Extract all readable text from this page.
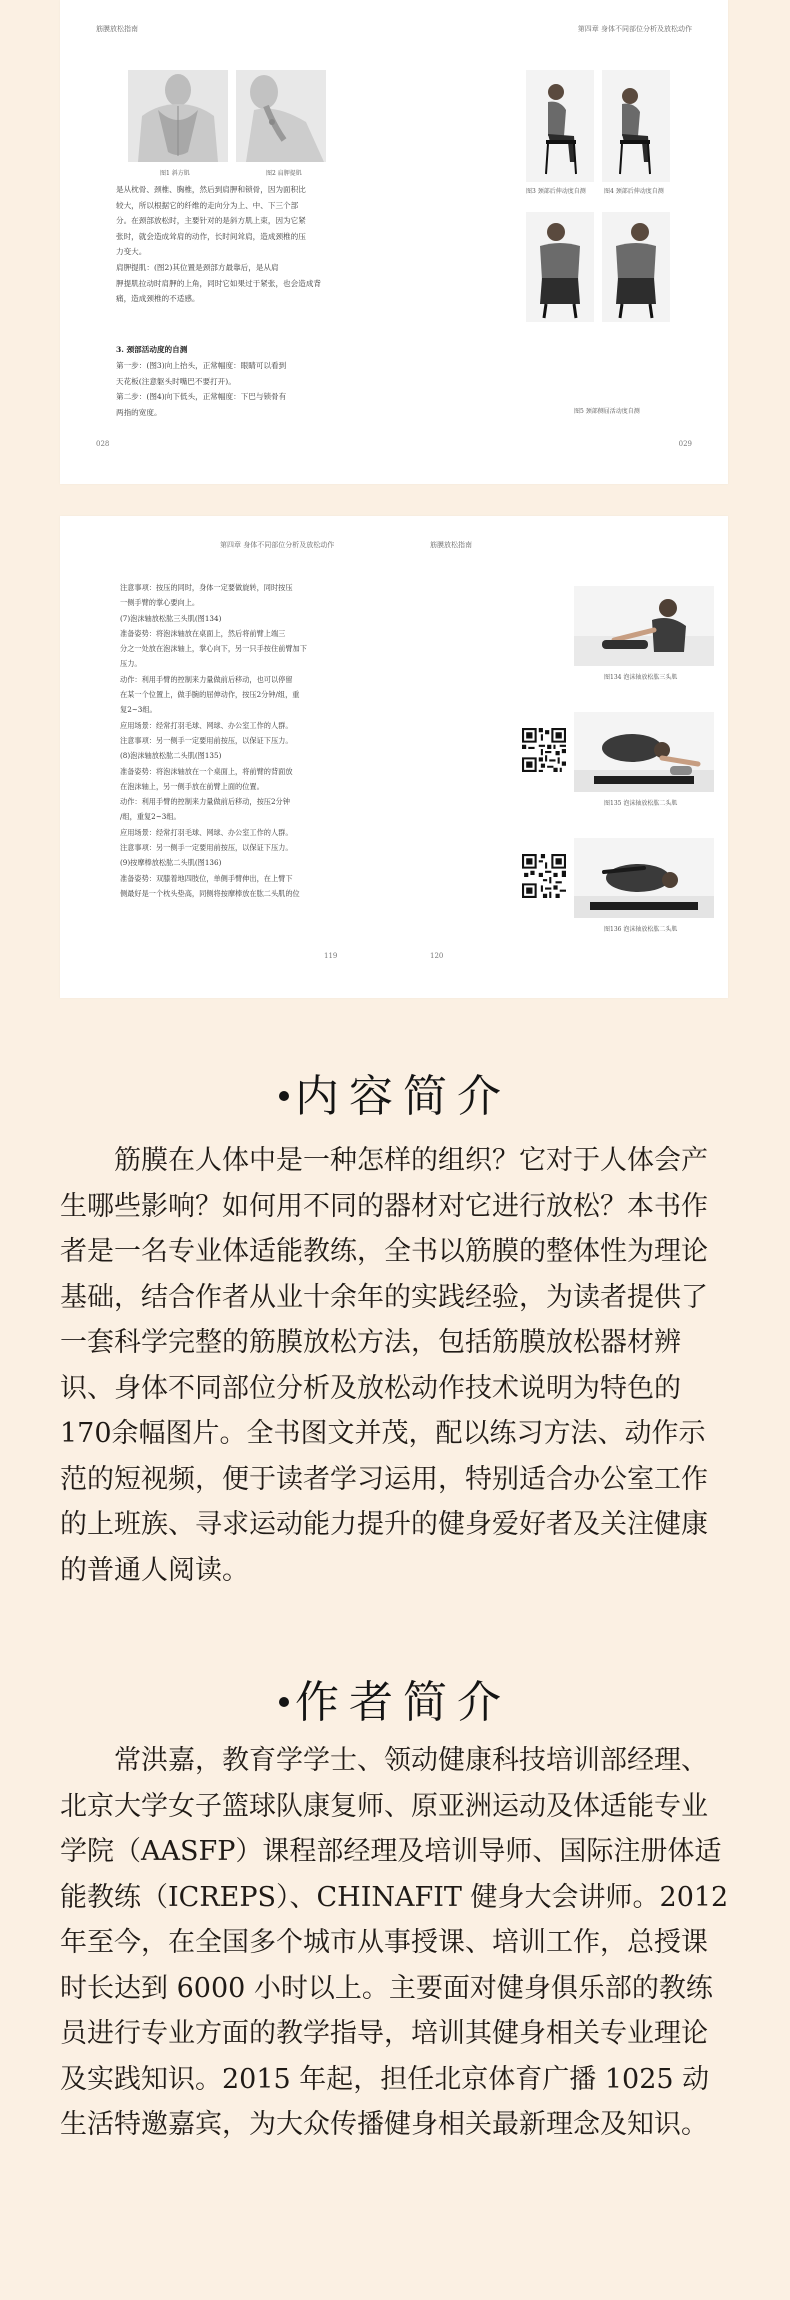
筋膜放松指南
图1 斜方肌	图2 肩胛提肌
是从枕骨、颈椎、胸椎，然后到肩胛和锁骨，因为面积比
较大，所以根据它的纤维的走向分为上、中、下三个部
分。在颈部放松时，主要针对的是斜方肌上束，因为它紧
张时，就会造成耸肩的动作，长时间耸肩，造成颈椎的压
力变大。
肩胛提肌：(图2)其位置是颈部方最靠后，是从肩
胛提肌拉动时肩胛的上角，同时它如果过于紧张，也会造成背
痛，造成颈椎的不适感。
3. 颈部活动度的自测
第一步：(图3)向上抬头，正常幅度：眼睛可以看到
天花板(注意躯头时嘴巴不要打开)。
第二步：(图4)向下低头，正常幅度：下巴与锁骨有
两指的宽度。
028
第四章 身体不同部位分析及放松动作
图3 颈部后伸动度自测	图4 颈部后伸动度自测
图5 颈部侧屈活动度自测
029
第四章 身体不同部位分析及放松动作
注意事项：按压的同时，身体一定要做旋转，同时按压
一侧手臂的掌心要向上。
(7)泡沫轴放松肱三头肌(图134)
准备姿势：将泡沫轴放在桌面上，然后将前臂上端三
分之一处放在泡沫轴上，掌心向下，另一只手按住前臂加下
压力。
动作：利用手臂的控制来力量做前后移动，也可以停留
在某一个位置上，做手腕的屈伸动作，按压2分钟/组，重
复2~3组。
应用场景：经常打羽毛球、网球、办公室工作的人群。
注意事项：另一侧手一定要用前按压，以保证下压力。
(8)泡沫轴放松肱二头肌(图135)
准备姿势：将泡沫轴放在一个桌面上，将前臂的背面放
在泡沫轴上，另一侧手放在前臂上面的位置。
动作：利用手臂的控制来力量做前后移动，按压2分钟
/组，重复2~3组。
应用场景：经常打羽毛球、网球、办公室工作的人群。
注意事项：另一侧手一定要用前按压，以保证下压力。
(9)按摩棒放松肱二头肌(图136)
准备姿势：双膝着地四肢位，单侧手臂伸出，在上臂下
侧最好是一个枕头垫高，同侧将按摩棒放在肱二头肌的位
119
筋膜放松指南
图134 泡沫轴放松肱三头肌
图135 泡沫轴放松肱二头肌
图136 泡沫轴放松肱二头肌
120
内容简介
筋膜在人体中是一种怎样的组织？它对于人体会产生哪些影响？如何用不同的器材对它进行放松？本书作者是一名专业体适能教练，全书以筋膜的整体性为理论基础，结合作者从业十余年的实践经验，为读者提供了一套科学完整的筋膜放松方法，包括筋膜放松器材辨识、身体不同部位分析及放松动作技术说明为特色的170余幅图片。全书图文并茂，配以练习方法、动作示范的短视频，便于读者学习运用，特别适合办公室工作的上班族、寻求运动能力提升的健身爱好者及关注健康的普通人阅读。
作者简介
常洪嘉，教育学学士、领动健康科技培训部经理、北京大学女子篮球队康复师、原亚洲运动及体适能专业学院（AASFP）课程部经理及培训导师、国际注册体适能教练（ICREPS）、CHINAFIT 健身大会讲师。2012 年至今，在全国多个城市从事授课、培训工作，总授课时长达到 6000 小时以上。主要面对健身俱乐部的教练员进行专业方面的教学指导，培训其健身相关专业理论及实践知识。2015 年起，担任北京体育广播 1025 动生活特邀嘉宾，为大众传播健身相关最新理念及知识。
